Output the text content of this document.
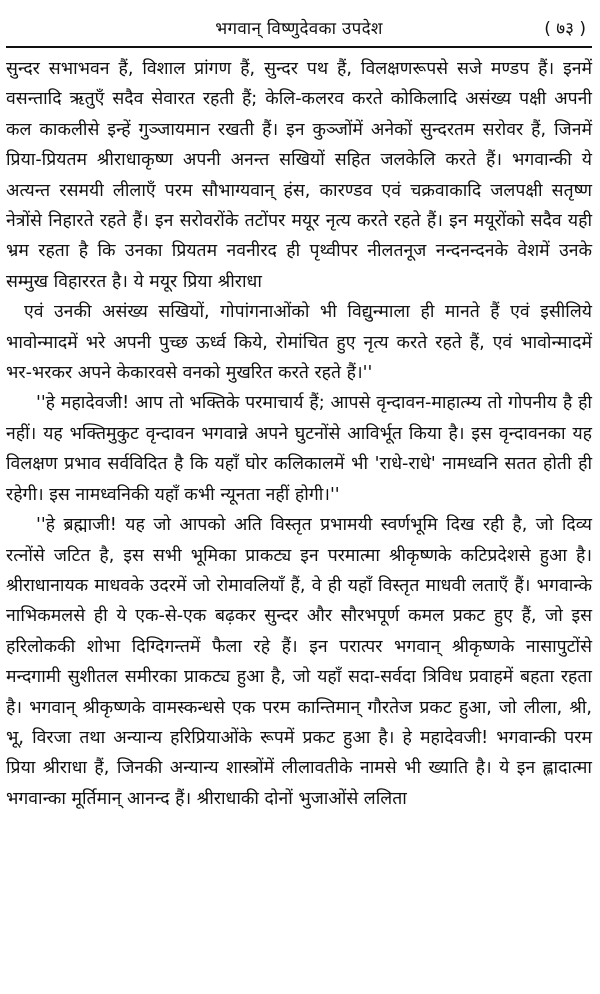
भगवान् विष्णुदेवका उपदेश	( ७३ )

सुन्दर सभाभवन हैं, विशाल प्रांगण हैं, सुन्दर पथ हैं, विलक्षणरूपसे सजे मण्डप हैं। इनमें वसन्तादि ऋतुएँ सदैव सेवारत रहती हैं; केलि-कलरव करते कोकिलादि असंख्य पक्षी अपनी कल काकलीसे इन्हें गुञ्जायमान रखती हैं। इन कुञ्जोंमें अनेकों सुन्दरतम सरोवर हैं, जिनमें प्रिया-प्रियतम श्रीराधाकृष्ण अपनी अनन्त सखियों सहित जलकेलि करते हैं। भगवान्की ये अत्यन्त रसमयी लीलाएँ परम सौभाग्यवान् हंस, कारण्डव एवं चक्रवाकादि जलपक्षी सतृष्ण नेत्रोंसे निहारते रहते हैं। इन सरोवरोंके तटोंपर मयूर नृत्य करते रहते हैं। इन मयूरोंको सदैव यही भ्रम रहता है कि उनका प्रियतम नवनीरद ही पृथ्वीपर नीलतनूज नन्दनन्दनके वेशमें उनके सम्मुख विहाररत है। ये मयूर प्रिया श्रीराधा

एवं उनकी असंख्य सखियों, गोपांगनाओंको भी विद्युन्माला ही मानते हैं एवं इसीलिये भावोन्मादमें भरे अपनी पुच्छ ऊर्ध्व किये, रोमांचित हुए नृत्य करते रहते हैं, एवं भावोन्मादमें भर-भरकर अपने केकारवसे वनको मुखरित करते रहते हैं।''

''हे महादेवजी! आप तो भक्तिके परमाचार्य हैं; आपसे वृन्दावन-माहात्म्य तो गोपनीय है ही नहीं। यह भक्तिमुकुट वृन्दावन भगवान्ने अपने घुटनोंसे आविर्भूत किया है। इस वृन्दावनका यह विलक्षण प्रभाव सर्वविदित है कि यहाँ घोर कलिकालमें भी 'राधे-राधे' नामध्वनि सतत होती ही रहेगी। इस नामध्वनिकी यहाँ कभी न्यूनता नहीं होगी।''

''हे ब्रह्माजी! यह जो आपको अति विस्तृत प्रभामयी स्वर्णभूमि दिख रही है, जो दिव्य रत्नोंसे जटित है, इस सभी भूमिका प्राकट्य इन परमात्मा श्रीकृष्णके कटिप्रदेशसे हुआ है। श्रीराधानायक माधवके उदरमें जो रोमावलियाँ हैं, वे ही यहाँ विस्तृत माधवी लताएँ हैं। भगवान्के नाभिकमलसे ही ये एक-से-एक बढ़कर सुन्दर और सौरभपूर्ण कमल प्रकट हुए हैं, जो इस हरिलोककी शोभा दिग्दिगन्तमें फैला रहे हैं। इन परात्पर भगवान् श्रीकृष्णके नासापुटोंसे मन्दगामी सुशीतल समीरका प्राकट्य हुआ है, जो यहाँ सदा-सर्वदा त्रिविध प्रवाहमें बहता रहता है। भगवान् श्रीकृष्णके वामस्कन्धसे एक परम कान्तिमान् गौरतेज प्रकट हुआ, जो लीला, श्री, भू, विरजा तथा अन्यान्य हरिप्रियाओंके रूपमें प्रकट हुआ है। हे महादेवजी! भगवान्की परम प्रिया श्रीराधा हैं, जिनकी अन्यान्य शास्त्रोंमें लीलावतीके नामसे भी ख्याति है। ये इन ह्लादात्मा भगवान्का मूर्तिमान् आनन्द हैं। श्रीराधाकी दोनों भुजाओंसे ललिता
